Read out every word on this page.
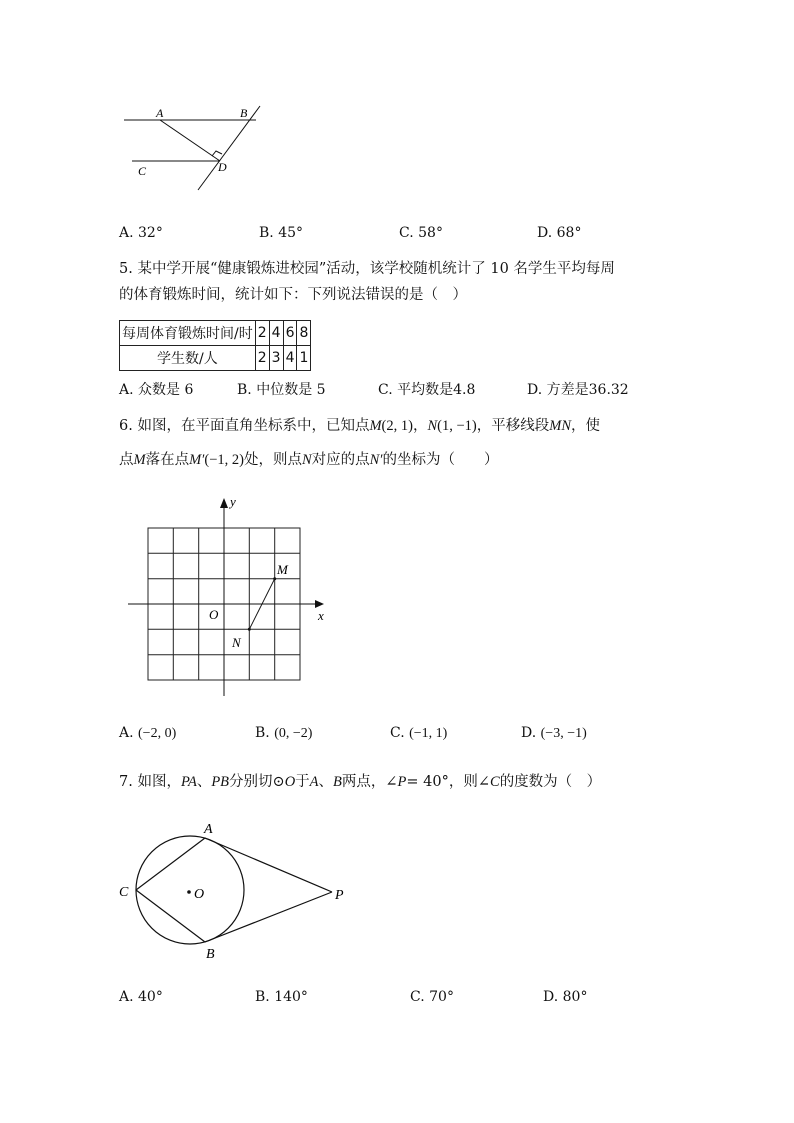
A	B
C	D
A. 32°	B. 45°	C. 58°	D. 68°
5. 某中学开展“健康锻炼进校园”活动，该学校随机统计了 10 名学生平均每周
的体育锻炼时间，统计如下：下列说法错误的是（　）
每周体育锻炼时间/时	2	4	6	8
学生数/人	2	3	4	1
A. 众数是 6	B. 中位数是 5	C. 平均数是4.8	D. 方差是36.32
6. 如图，在平面直角坐标系中，已知点M(2, 1)，N(1, −1)，平移线段MN，使
点M落在点M′(−1, 2)处，则点N对应的点N′的坐标为（　　）
y
x
O
M
N
A. (−2, 0)	B. (0, −2)	C. (−1, 1)	D. (−3, −1)
7. 如图，PA、PB分别切⊙O于A、B两点，∠P= 40°，则∠C的度数为（　）
A
B
C	O	P
A. 40°	B. 140°	C. 70°	D. 80°
